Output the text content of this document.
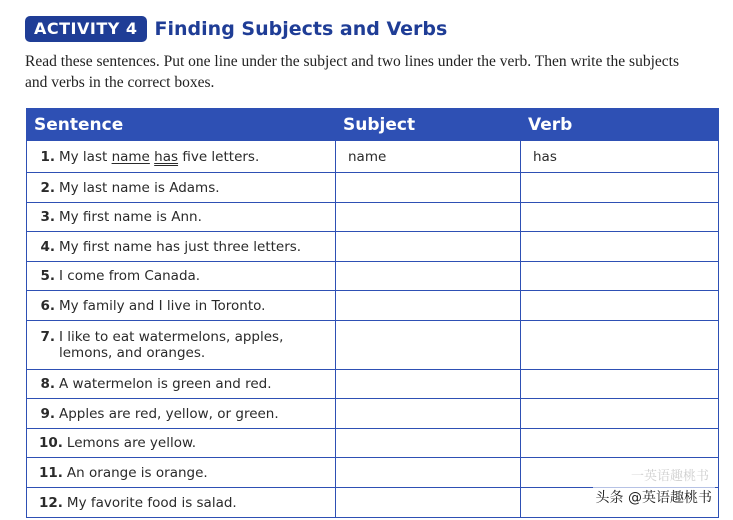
ACTIVITY 4 Finding Subjects and Verbs
Read these sentences. Put one line under the subject and two lines under the verb. Then write the subjects and verbs in the correct boxes.
Sentence	Subject	Verb

1. My last name has five letters.	name	has

2. My last name is Adams.		

3. My first name is Ann.		

4. My first name has just three letters.		

5. I come from Canada.		

6. My family and I live in Toronto.		

7. I like to eat watermelons, apples, lemons, and oranges.		

8. A watermelon is green and red.		

9. Apples are red, yellow, or green.		

10. Lemons are yellow.		

11. An orange is orange.		

12. My favorite food is salad.		

一英语趣桃书
头条 @英语趣桃书
